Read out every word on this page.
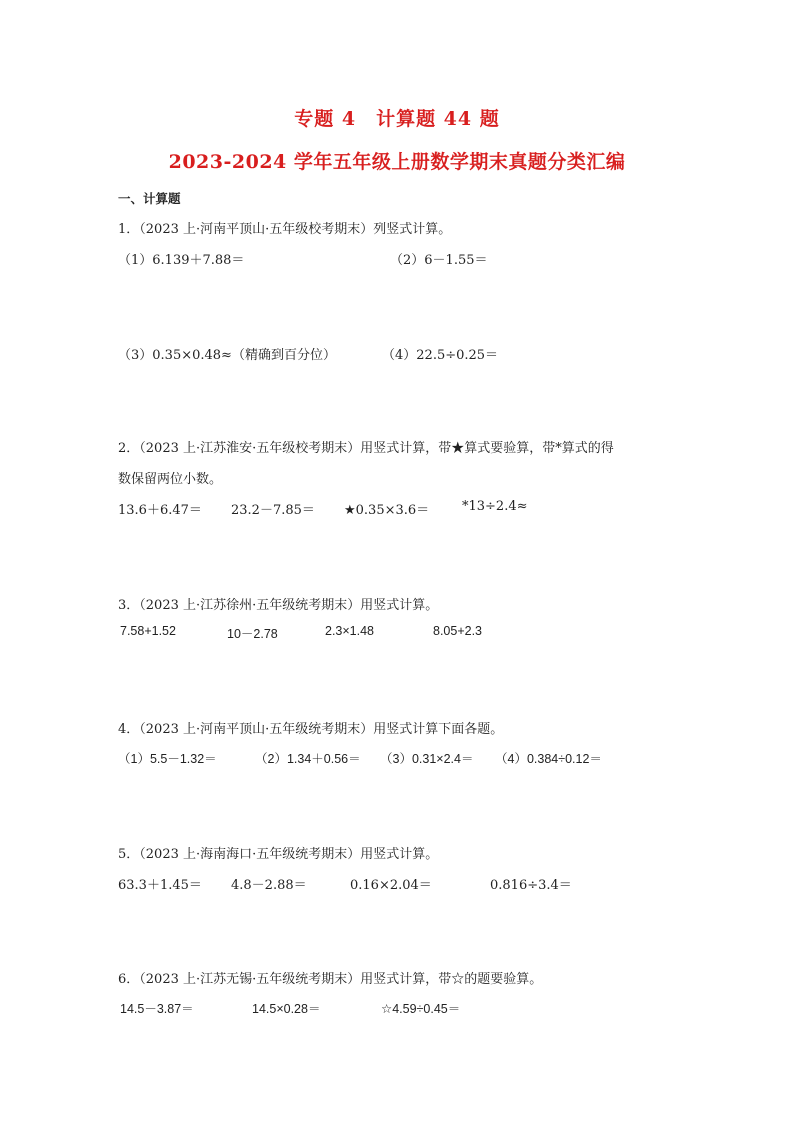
专题 4　计算题 44 题
2023-2024 学年五年级上册数学期末真题分类汇编
一、计算题
1．（2023 上·河南平顶山·五年级校考期末）列竖式计算。
（1）6.139＋7.88＝	（2）6－1.55＝
（3）0.35×0.48≈（精确到百分位）	（4）22.5÷0.25＝
2．（2023 上·江苏淮安·五年级校考期末）用竖式计算，带★算式要验算，带*算式的得
数保留两位小数。
13.6＋6.47＝ 23.2－7.85＝ ★0.35×3.6＝	*13÷2.4≈
3．（2023 上·江苏徐州·五年级统考期末）用竖式计算。
7.58+1.52	10－2.78	2.3×1.48	8.05+2.3
4．（2023 上·河南平顶山·五年级统考期末）用竖式计算下面各题。
（1）5.5－1.32＝	（2）1.34＋0.56＝ （3）0.31×2.4＝ （4）0.384÷0.12＝
5．（2023 上·海南海口·五年级统考期末）用竖式计算。
63.3＋1.45＝ 4.8－2.88＝	0.16×2.04＝	0.816÷3.4＝
6．（2023 上·江苏无锡·五年级统考期末）用竖式计算，带☆的题要验算。
14.5－3.87＝	14.5×0.28＝	☆4.59÷0.45＝
